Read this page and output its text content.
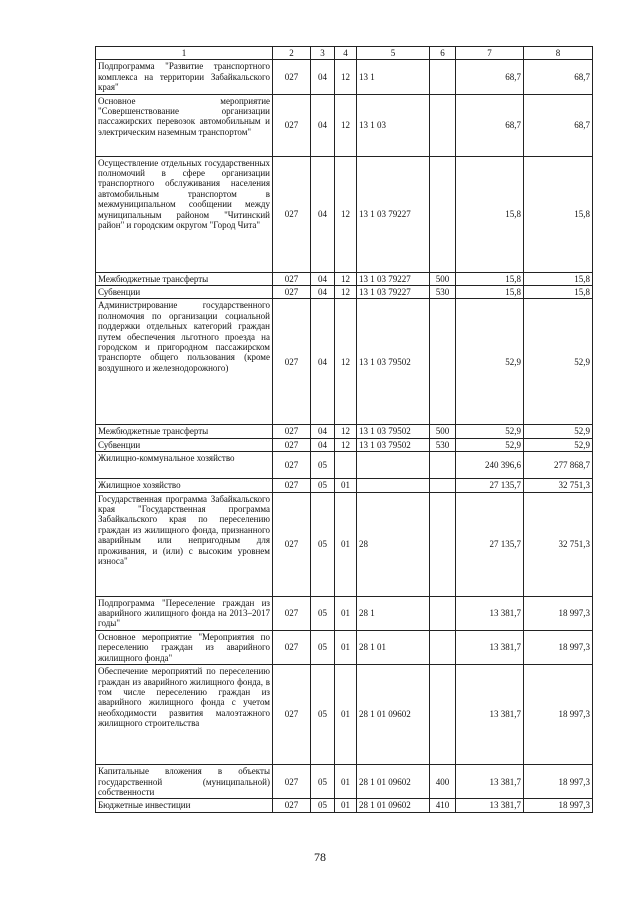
1	2	3	4	5	6	7	8
Подпрограмма "Развитие транспортного комплекса на территории Забайкальского края"	027	04	12	13 1		68,7	68,7
Основное мероприятие "Совершенствование организации пассажирских перевозок автомобильным и электрическим наземным транспортом"	027	04	12	13 1 03		68,7	68,7
Осуществление отдельных государственных полномочий в сфере организации транспортного обслуживания населения автомобильным транспортом в межмуниципальном сообщении между муниципальным районом "Читинский район" и городским округом "Город Чита"	027	04	12	13 1 03 79227		15,8	15,8
Межбюджетные трансферты	027	04	12	13 1 03 79227	500	15,8	15,8
Субвенции	027	04	12	13 1 03 79227	530	15,8	15,8
Администрирование государственного полномочия по организации социальной поддержки отдельных категорий граждан путем обеспечения льготного проезда на городском и пригородном пассажирском транспорте общего пользования (кроме воздушного и железнодорожного)	027	04	12	13 1 03 79502		52,9	52,9
Межбюджетные трансферты	027	04	12	13 1 03 79502	500	52,9	52,9
Субвенции	027	04	12	13 1 03 79502	530	52,9	52,9
Жилищно-коммунальное хозяйство	027	05				240 396,6	277 868,7
Жилищное хозяйство	027	05	01			27 135,7	32 751,3
Государственная программа Забайкальского края "Государственная программа Забайкальского края по переселению граждан из жилищного фонда, признанного аварийным или непригодным для проживания, и (или) с высоким уровнем износа"	027	05	01	28		27 135,7	32 751,3
Подпрограмма "Переселение граждан из аварийного жилищного фонда на 2013–2017 годы"	027	05	01	28 1		13 381,7	18 997,3
Основное мероприятие "Мероприятия по переселению граждан из аварийного жилищного фонда"	027	05	01	28 1 01		13 381,7	18 997,3
Обеспечение мероприятий по переселению граждан из аварийного жилищного фонда, в том числе переселению граждан из аварийного жилищного фонда с учетом необходимости развития малоэтажного жилищного строительства	027	05	01	28 1 01 09602		13 381,7	18 997,3
Капитальные вложения в объекты государственной (муниципальной) собственности	027	05	01	28 1 01 09602	400	13 381,7	18 997,3
Бюджетные инвестиции	027	05	01	28 1 01 09602	410	13 381,7	18 997,3
78
